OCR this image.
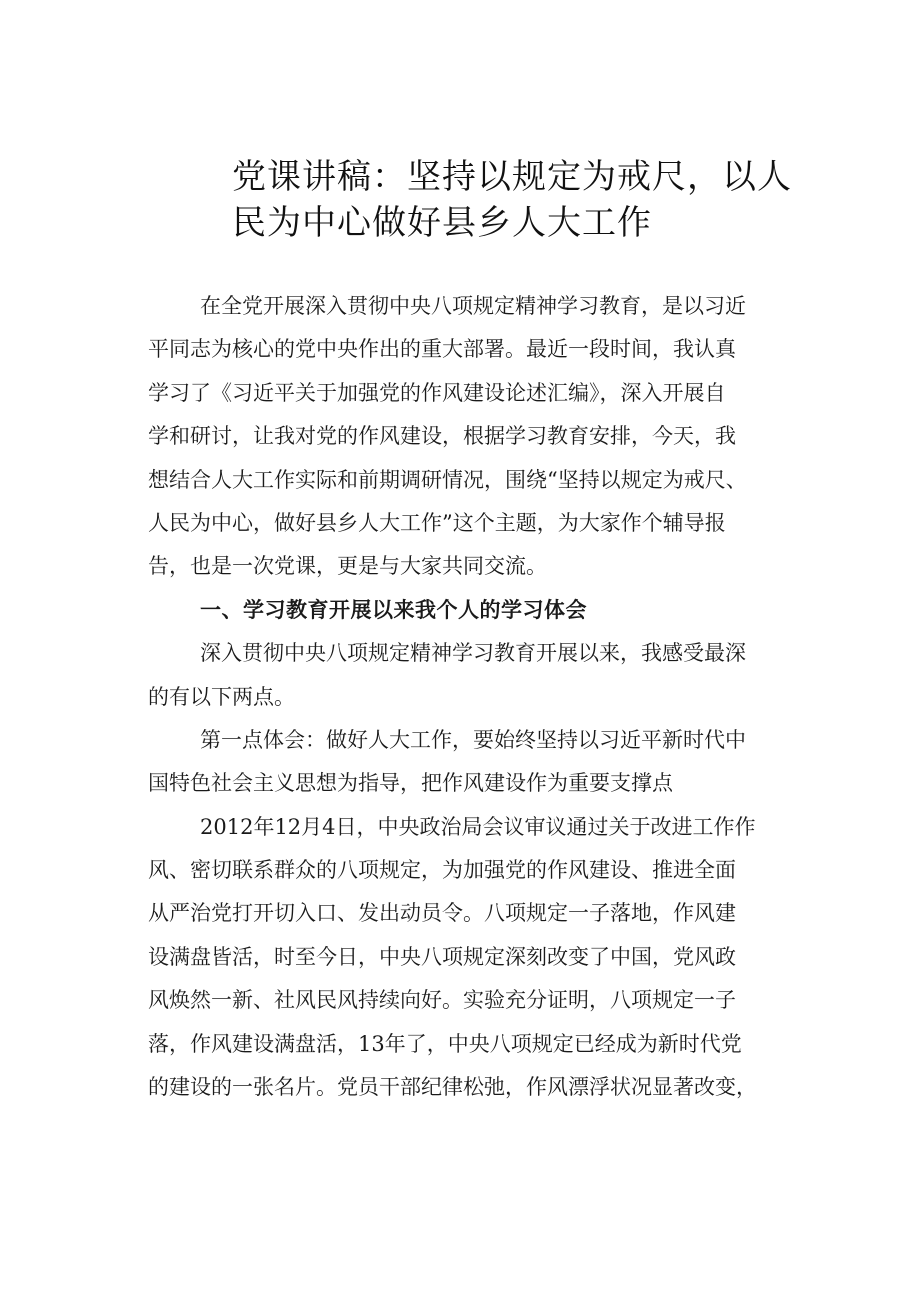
党课讲稿：坚持以规定为戒尺，以人
民为中心做好县乡人大工作
在全党开展深入贯彻中央八项规定精神学习教育，是以习近
平同志为核心的党中央作出的重大部署。最近一段时间，我认真
学习了《习近平关于加强党的作风建设论述汇编》，深入开展自
学和研讨，让我对党的作风建设，根据学习教育安排，今天，我
想结合人大工作实际和前期调研情况，围绕“坚持以规定为戒尺、
人民为中心，做好县乡人大工作”这个主题，为大家作个辅导报
告，也是一次党课，更是与大家共同交流。
一、学习教育开展以来我个人的学习体会
深入贯彻中央八项规定精神学习教育开展以来，我感受最深
的有以下两点。
第一点体会：做好人大工作，要始终坚持以习近平新时代中
国特色社会主义思想为指导，把作风建设作为重要支撑点
2012年12月4日，中央政治局会议审议通过关于改进工作作
风、密切联系群众的八项规定，为加强党的作风建设、推进全面
从严治党打开切入口、发出动员令。八项规定一子落地，作风建
设满盘皆活，时至今日，中央八项规定深刻改变了中国，党风政
风焕然一新、社风民风持续向好。实验充分证明，八项规定一子
落，作风建设满盘活，13年了，中央八项规定已经成为新时代党
的建设的一张名片。党员干部纪律松弛，作风漂浮状况显著改变，
